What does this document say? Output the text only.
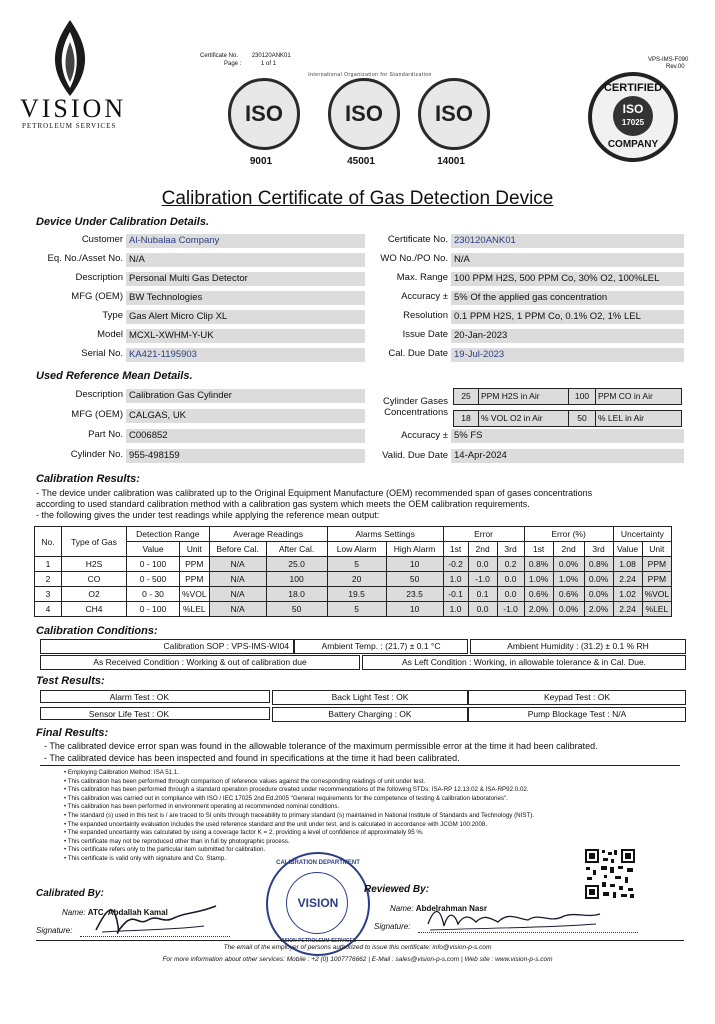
VISION
PETROLEUM SERVICES
Certificate No. 230120ANK01
Page :	1 of 1
VPS-IMS-F090
Rev.00
ISO
9001
ISO
45001
ISO
14001
International Organization for Standardization
CERTIFIED
ISO
17025
COMPANY
Calibration Certificate of Gas Detection Device
Device Under Calibration Details.
Customer Al-Nubalaa Company
Eq. No./Asset No. N/A
Description Personal Multi Gas Detector
MFG (OEM) BW Technologies
Type Gas Alert Micro Clip XL
Model MCXL-XWHM-Y-UK
Serial No. KA421-1195903
Certificate No. 230120ANK01
WO No./PO No. N/A
Max. Range 100 PPM H2S, 500 PPM Co, 30% O2, 100%LEL
Accuracy ± 5% Of the applied gas concentration
Resolution 0.1 PPM H2S, 1 PPM Co, 0.1% O2, 1% LEL
Issue Date 20-Jan-2023
Cal. Due Date 19-Jul-2023
Used Reference Mean Details.
Description Calibration Gas Cylinder
MFG (OEM) CALGAS, UK
Part No. C006852
Cylinder No. 955-498159
Cylinder Gases
Concentrations
25	PPM H2S in Air	100	PPM CO in Air

18	% VOL O2 in Air	50	% LEL in Air
Accuracy ± 5% FS
Valid. Due Date 14-Apr-2024
Calibration Results:
- The device under calibration was calibrated up to the Original Equipment Manufacture (OEM) recommended span of gases concentrations
according to used standard calibration method with a calibration gas system which meets the OEM calibration requirements.
- the following gives the under test readings while applying the reference mean output:
No.	Type of Gas	Detection Range		Average Readings		Alarms Settings		Error			Error (%)			Uncertainty	
		Value	Unit	Before Cal.	After Cal.	Low Alarm	High Alarm	1st	2nd	3rd	1st	2nd	3rd	Value	Unit
1	H2S	0 - 100	PPM	N/A	25.0	5	10	-0.2	0.0	0.2	0.8%	0.0%	0.8%	1.08	PPM
2	CO	0 - 500	PPM	N/A	100	20	50	1.0	-1.0	0.0	1.0%	1.0%	0.0%	2.24	PPM
3	O2	0 - 30	%VOL	N/A	18.0	19.5	23.5	-0.1	0.1	0.0	0.6%	0.6%	0.0%	1.02	%VOL
4	CH4	0 - 100	%LEL	N/A	50	5	10	1.0	0.0	-1.0	2.0%	0.0%	2.0%	2.24	%LEL
Calibration Conditions:
Calibration SOP : VPS-IMS-WI04	Ambient Temp. : (21.7) ± 0.1 °C	Ambient Humidity : (31.2) ± 0.1 % RH
As Received Condition : Working & out of calibration due	As Left Condition : Working, in allowable tolerance & in Cal. Due.
Test Results:
Alarm Test : OK	Back Light Test : OK	Keypad Test : OK
Sensor Life Test : OK	Battery Charging : OK	Pump Blockage Test : N/A
Final Results:
- The calibrated device error span was found in the allowable tolerance of the maximum permissible error at the time it had been calibrated.
- The calibrated device has been inspected and found in specifications at the time it had been calibrated.
• Employing Calibration Method: ISA 51.1.
• This calibration has been performed through comparison of reference values against the corresponding readings of unit under test.
• This calibration has been performed through a standard operation procedure created under recommendations of the following STDs: ISA-RP 12.13.02 & ISA-RP92.0.02.
• This calibration was carried out in compliance with ISO / IEC 17025 2nd Ed.2005 "General requirements for the competence of testing & calibration laboratories".
• This calibration has been performed in environment operating at recommended nominal conditions.
• The standard (s) used in this test is / are traced to SI units through traceability to primary standard (s) maintained in National Institute of Standards and Technology (NIST).
• The expanded uncertainty evaluation includes the used reference standard and the unit under test, and is calculated in accordance with JCGM 100:2008.
• The expanded uncertainty was calculated by using a coverage factor K = 2, providing a level of confidence of approximately 95 %.
• This certificate may not be reproduced other than in full by photographic process.
• This certificate refers only to the particular item submitted for calibration.
• This certificate is valid only with signature and Co. Stamp.
Calibrated By:
Name: ATC. Abdallah Kamal
Signature:
CALIBRATION DEPARTMENT
VISION
VISION PETROLEUM SERVICES
Reviewed By:
Name: Abdelrahman Nasr
Signature:
The email of the employer of persons authorized to issue this certificate: info@vision-p-s.com
For more information about other services: Mobile : +2 (0) 1007776662 | E-Mail : sales@vision-p-s.com | Web site : www.vision-p-s.com
